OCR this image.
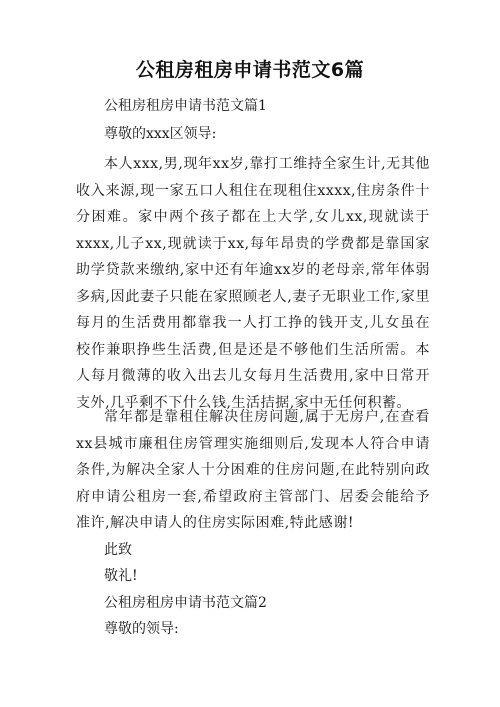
公租房租房申请书范文6篇
公租房租房申请书范文篇1
尊敬的xxx区领导:
本人xxx,男,现年xx岁,靠打工维持全家生计,无其他收入来源,现一家五口人租住在现租住xxxx,住房条件十分困难。家中两个孩子都在上大学,女儿xx,现就读于xxxx,儿子xx,现就读于xx,每年昂贵的学费都是靠国家助学贷款来缴纳,家中还有年逾xx岁的老母亲,常年体弱多病,因此妻子只能在家照顾老人,妻子无职业工作,家里每月的生活费用都靠我一人打工挣的钱开支,儿女虽在校作兼职挣些生活费,但是还是不够他们生活所需。本人每月微薄的收入出去儿女每月生活费用,家中日常开支外,几乎剩不下什么钱,生活拮据,家中无任何积蓄。
常年都是靠租住解决住房问题,属于无房户,在查看xx县城市廉租住房管理实施细则后,发现本人符合申请条件,为解决全家人十分困难的住房问题,在此特别向政府申请公租房一套,希望政府主管部门、居委会能给予准许,解决申请人的住房实际困难,特此感谢!
此致
敬礼!
公租房租房申请书范文篇2
尊敬的领导:
